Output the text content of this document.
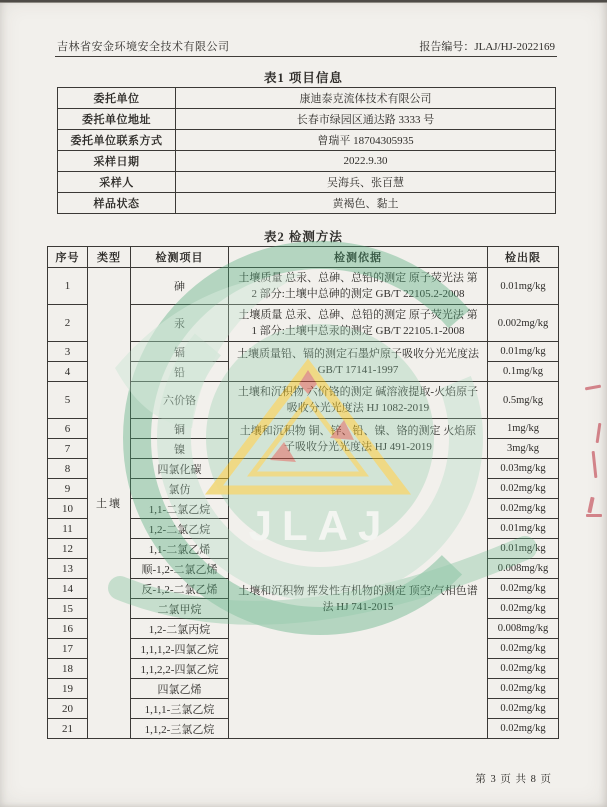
吉林省安金环境安全技术有限公司	报告编号：JLAJ/HJ-2022169
表1 项目信息
委托单位	康迪泰克流体技术有限公司
委托单位地址	长春市绿园区通达路 3333 号
委托单位联系方式	曾瑞平 18704305935
采样日期	2022.9.30
采样人	吴海兵、张百慧
样品状态	黄褐色、黏土
表2 检测方法
序号	类型	检测项目	检测依据	检出限
1	土壤	砷	土壤质量 总汞、总砷、总铅的测定 原子荧光法 第 2 部分:土壤中总砷的测定 GB/T 22105.2-2008	0.01mg/kg
2		汞	土壤质量 总汞、总砷、总铅的测定 原子荧光法 第 1 部分:土壤中总汞的测定 GB/T 22105.1-2008	0.002mg/kg
3		镉	土壤质量铅、镉的测定石墨炉原子吸收分光光度法 GB/T 17141-1997	0.01mg/kg
4		铅		0.1mg/kg
5		六价铬	土壤和沉积物 六价铬的测定 碱溶液提取-火焰原子吸收分光光度法 HJ 1082-2019	0.5mg/kg
6		铜	土壤和沉积物 铜、锌、铅、镍、铬的测定 火焰原子吸收分光光度法 HJ 491-2019	1mg/kg
7		镍		3mg/kg
8		四氯化碳	土壤和沉积物 挥发性有机物的测定 顶空/气相色谱法 HJ 741-2015	0.03mg/kg
9		氯仿		0.02mg/kg
10		1,1-二氯乙烷		0.02mg/kg
11		1,2-二氯乙烷		0.01mg/kg
12		1,1-二氯乙烯		0.01mg/kg
13		顺-1,2-二氯乙烯		0.008mg/kg
14		反-1,2-二氯乙烯		0.02mg/kg
15		二氯甲烷		0.02mg/kg
16		1,2-二氯丙烷		0.008mg/kg
17		1,1,1,2-四氯乙烷		0.02mg/kg
18		1,1,2,2-四氯乙烷		0.02mg/kg
19		四氯乙烯		0.02mg/kg
20		1,1,1-三氯乙烷		0.02mg/kg
21		1,1,2-三氯乙烷		0.02mg/kg
JLAJ
第 3 页 共 8 页
